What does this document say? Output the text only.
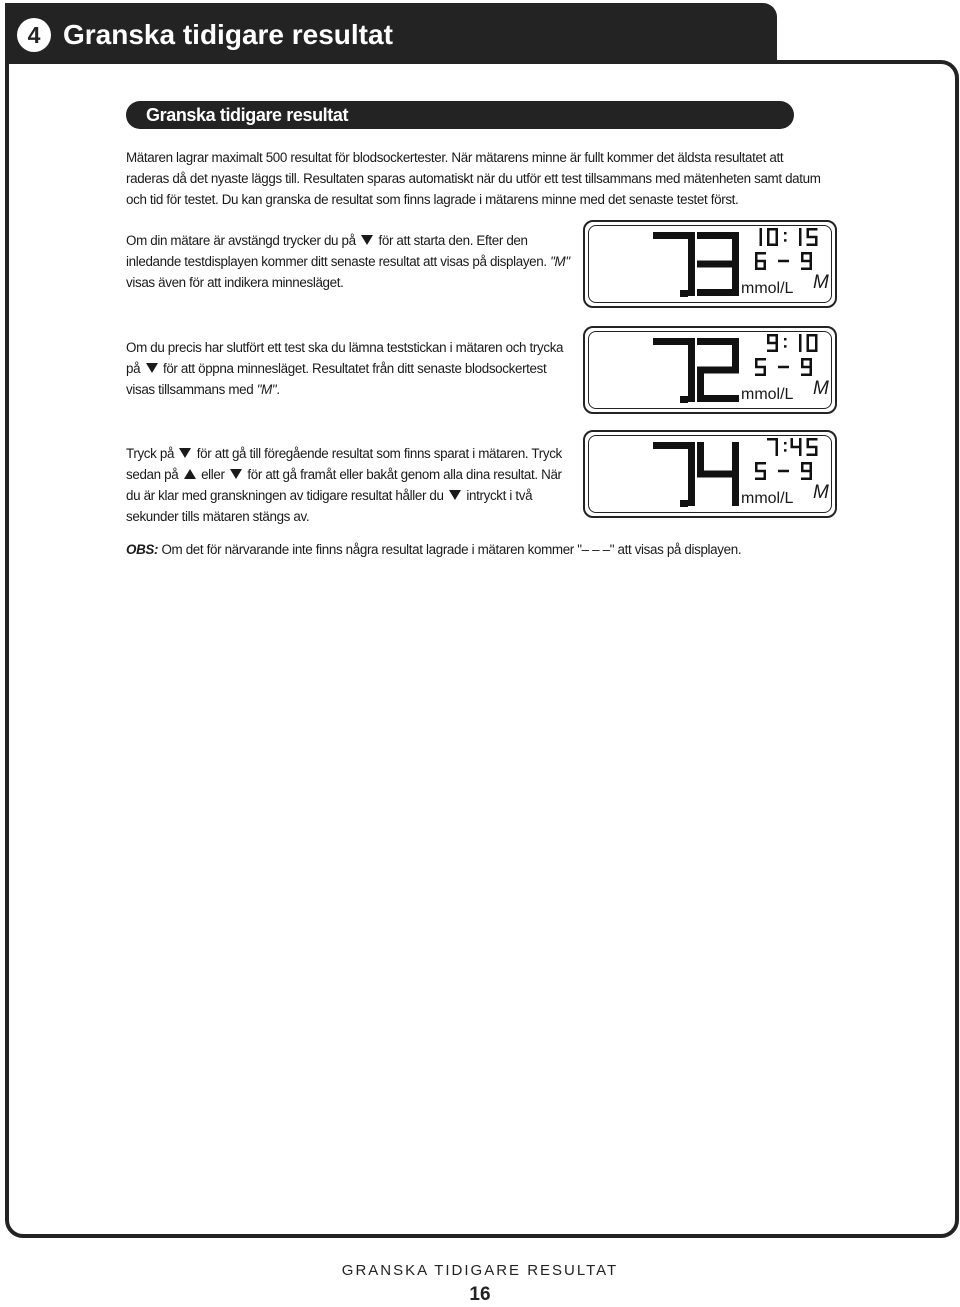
4 Granska tidigare resultat
Granska tidigare resultat
Mätaren lagrar maximalt 500 resultat för blodsockertester. När mätarens minne är fullt kommer det äldsta resultatet att raderas då det nyaste läggs till. Resultaten sparas automatiskt när du utför ett test tillsammans med mätenheten samt datum och tid för testet. Du kan granska de resultat som finns lagrade i mätarens minne med det senaste testet först.
Om din mätare är avstängd trycker du på för att starta den. Efter den inledande testdisplayen kommer ditt senaste resultat att visas på displayen. "M" visas även för att indikera minnesläget.
Om du precis har slutfört ett test ska du lämna teststickan i mätaren och trycka på för att öppna minnesläget. Resultatet från ditt senaste blodsockertest visas tillsammans med "M".
Tryck på för att gå till föregående resultat som finns sparat i mätaren. Tryck sedan på eller för att gå framåt eller bakåt genom alla dina resultat. När du är klar med granskningen av tidigare resultat håller du intryckt i två sekunder tills mätaren stängs av.
OBS: Om det för närvarande inte finns några resultat lagrade i mätaren kommer "– – –" att visas på displayen.
mmol/L M
mmol/L M
mmol/L M
GRANSKA TIDIGARE RESULTAT
16
